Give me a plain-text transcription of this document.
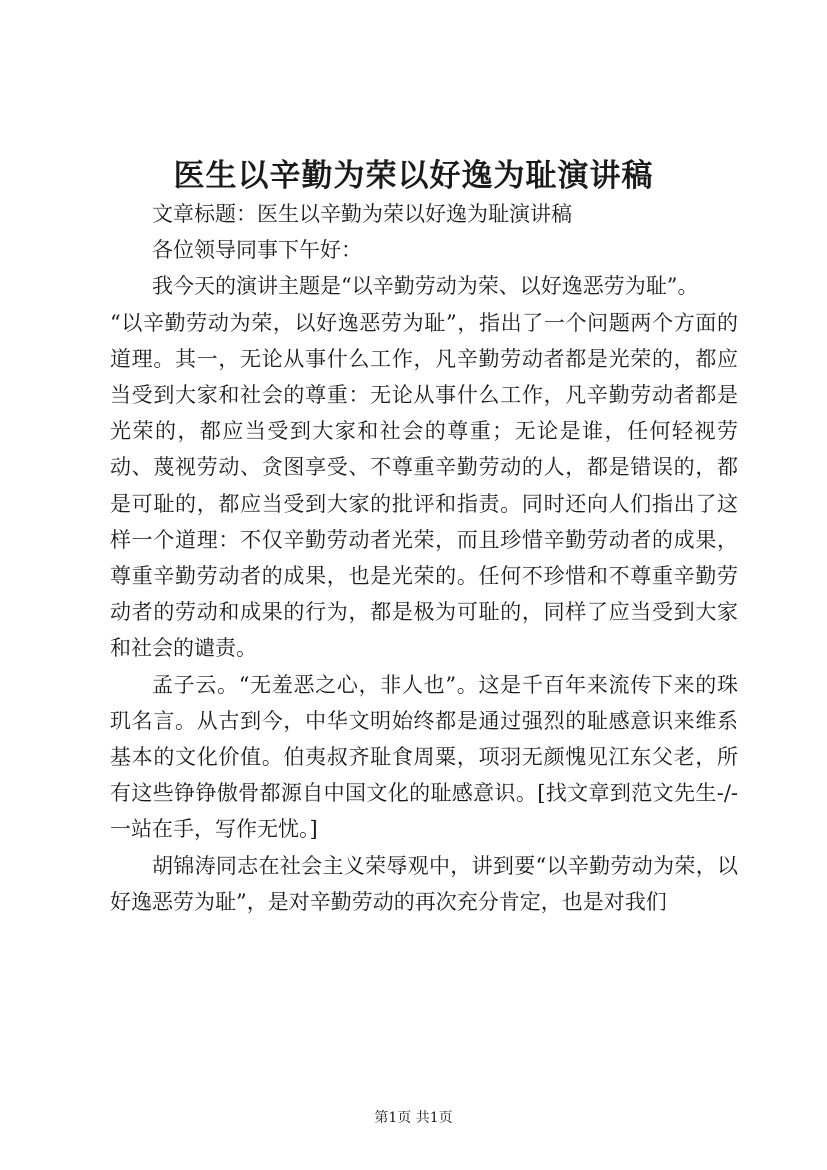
医生以辛勤为荣以好逸为耻演讲稿

文章标题：医生以辛勤为荣以好逸为耻演讲稿

各位领导同事下午好：

我今天的演讲主题是“以辛勤劳动为荣、以好逸恶劳为耻”。

“以辛勤劳动为荣，以好逸恶劳为耻”，指出了一个问题两个方面的道理。其一，无论从事什么工作，凡辛勤劳动者都是光荣的，都应当受到大家和社会的尊重：无论从事什么工作，凡辛勤劳动者都是光荣的，都应当受到大家和社会的尊重；无论是谁，任何轻视劳动、蔑视劳动、贪图享受、不尊重辛勤劳动的人，都是错误的，都是可耻的，都应当受到大家的批评和指责。同时还向人们指出了这样一个道理：不仅辛勤劳动者光荣，而且珍惜辛勤劳动者的成果，尊重辛勤劳动者的成果，也是光荣的。任何不珍惜和不尊重辛勤劳动者的劳动和成果的行为，都是极为可耻的，同样了应当受到大家和社会的谴责。

孟子云。“无羞恶之心，非人也”。这是千百年来流传下来的珠玑名言。从古到今，中华文明始终都是通过强烈的耻感意识来维系基本的文化价值。伯夷叔齐耻食周粟，项羽无颜愧见江东父老，所有这些铮铮傲骨都源自中国文化的耻感意识。[找文章到范文先生-/-一站在手，写作无忧。]

胡锦涛同志在社会主义荣辱观中，讲到要“以辛勤劳动为荣，以好逸恶劳为耻”，是对辛勤劳动的再次充分肯定，也是对我们

第1页 共1页
